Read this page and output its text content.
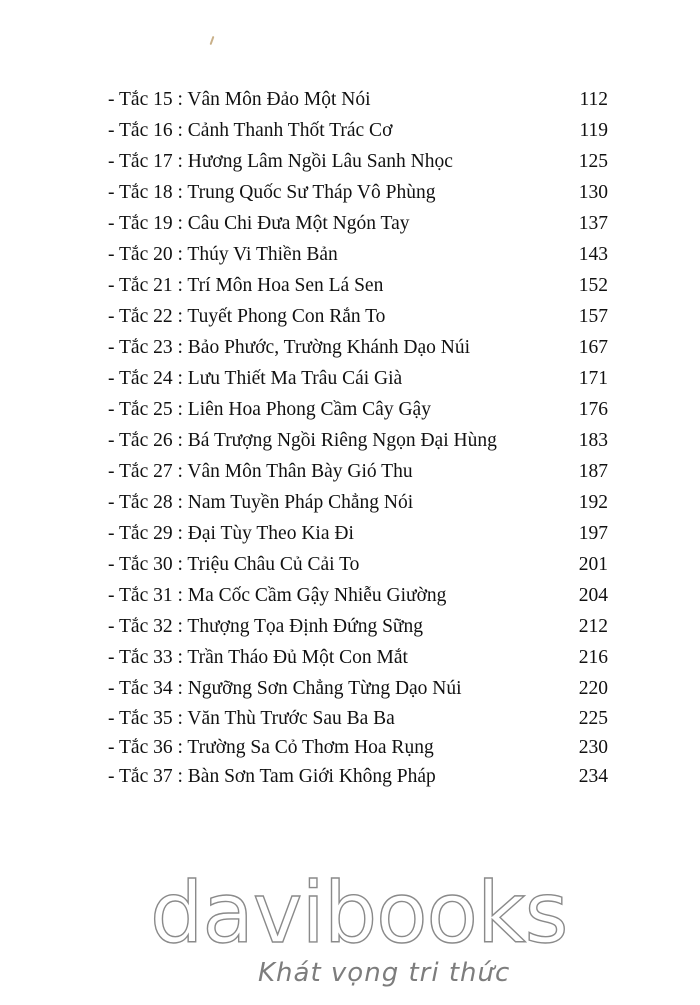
- Tắc 15 : Vân Môn Đảo Một Nói	112
- Tắc 16 : Cảnh Thanh Thốt Trác Cơ	119
- Tắc 17 : Hương Lâm Ngồi Lâu Sanh Nhọc	125
- Tắc 18 : Trung Quốc Sư Tháp Vô Phùng	130
- Tắc 19 : Câu Chi Đưa Một Ngón Tay	137
- Tắc 20 : Thúy Vi Thiền Bản	143
- Tắc 21 : Trí Môn Hoa Sen Lá Sen	152
- Tắc 22 : Tuyết Phong Con Rắn To	157
- Tắc 23 : Bảo Phước, Trường Khánh Dạo Núi	167
- Tắc 24 : Lưu Thiết Ma Trâu Cái Già	171
- Tắc 25 : Liên Hoa Phong Cầm Cây Gậy	176
- Tắc 26 : Bá Trượng Ngồi Riêng Ngọn Đại Hùng	183
- Tắc 27 : Vân Môn Thân Bày Gió Thu	187
- Tắc 28 : Nam Tuyền Pháp Chẳng Nói	192
- Tắc 29 : Đại Tùy Theo Kia Đi	197
- Tắc 30 : Triệu Châu Củ Cải To	201
- Tắc 31 : Ma Cốc Cầm Gậy Nhiễu Giường	204
- Tắc 32 : Thượng Tọa Định Đứng Sững	212
- Tắc 33 : Trần Tháo Đủ Một Con Mắt	216
- Tắc 34 : Ngưỡng Sơn Chẳng Từng Dạo Núi	220
- Tắc 35 : Văn Thù Trước Sau Ba Ba	225
- Tắc 36 : Trường Sa Cỏ Thơm Hoa Rụng	230
- Tắc 37 : Bàn Sơn Tam Giới Không Pháp	234
davibooks
Khát vọng tri thức
